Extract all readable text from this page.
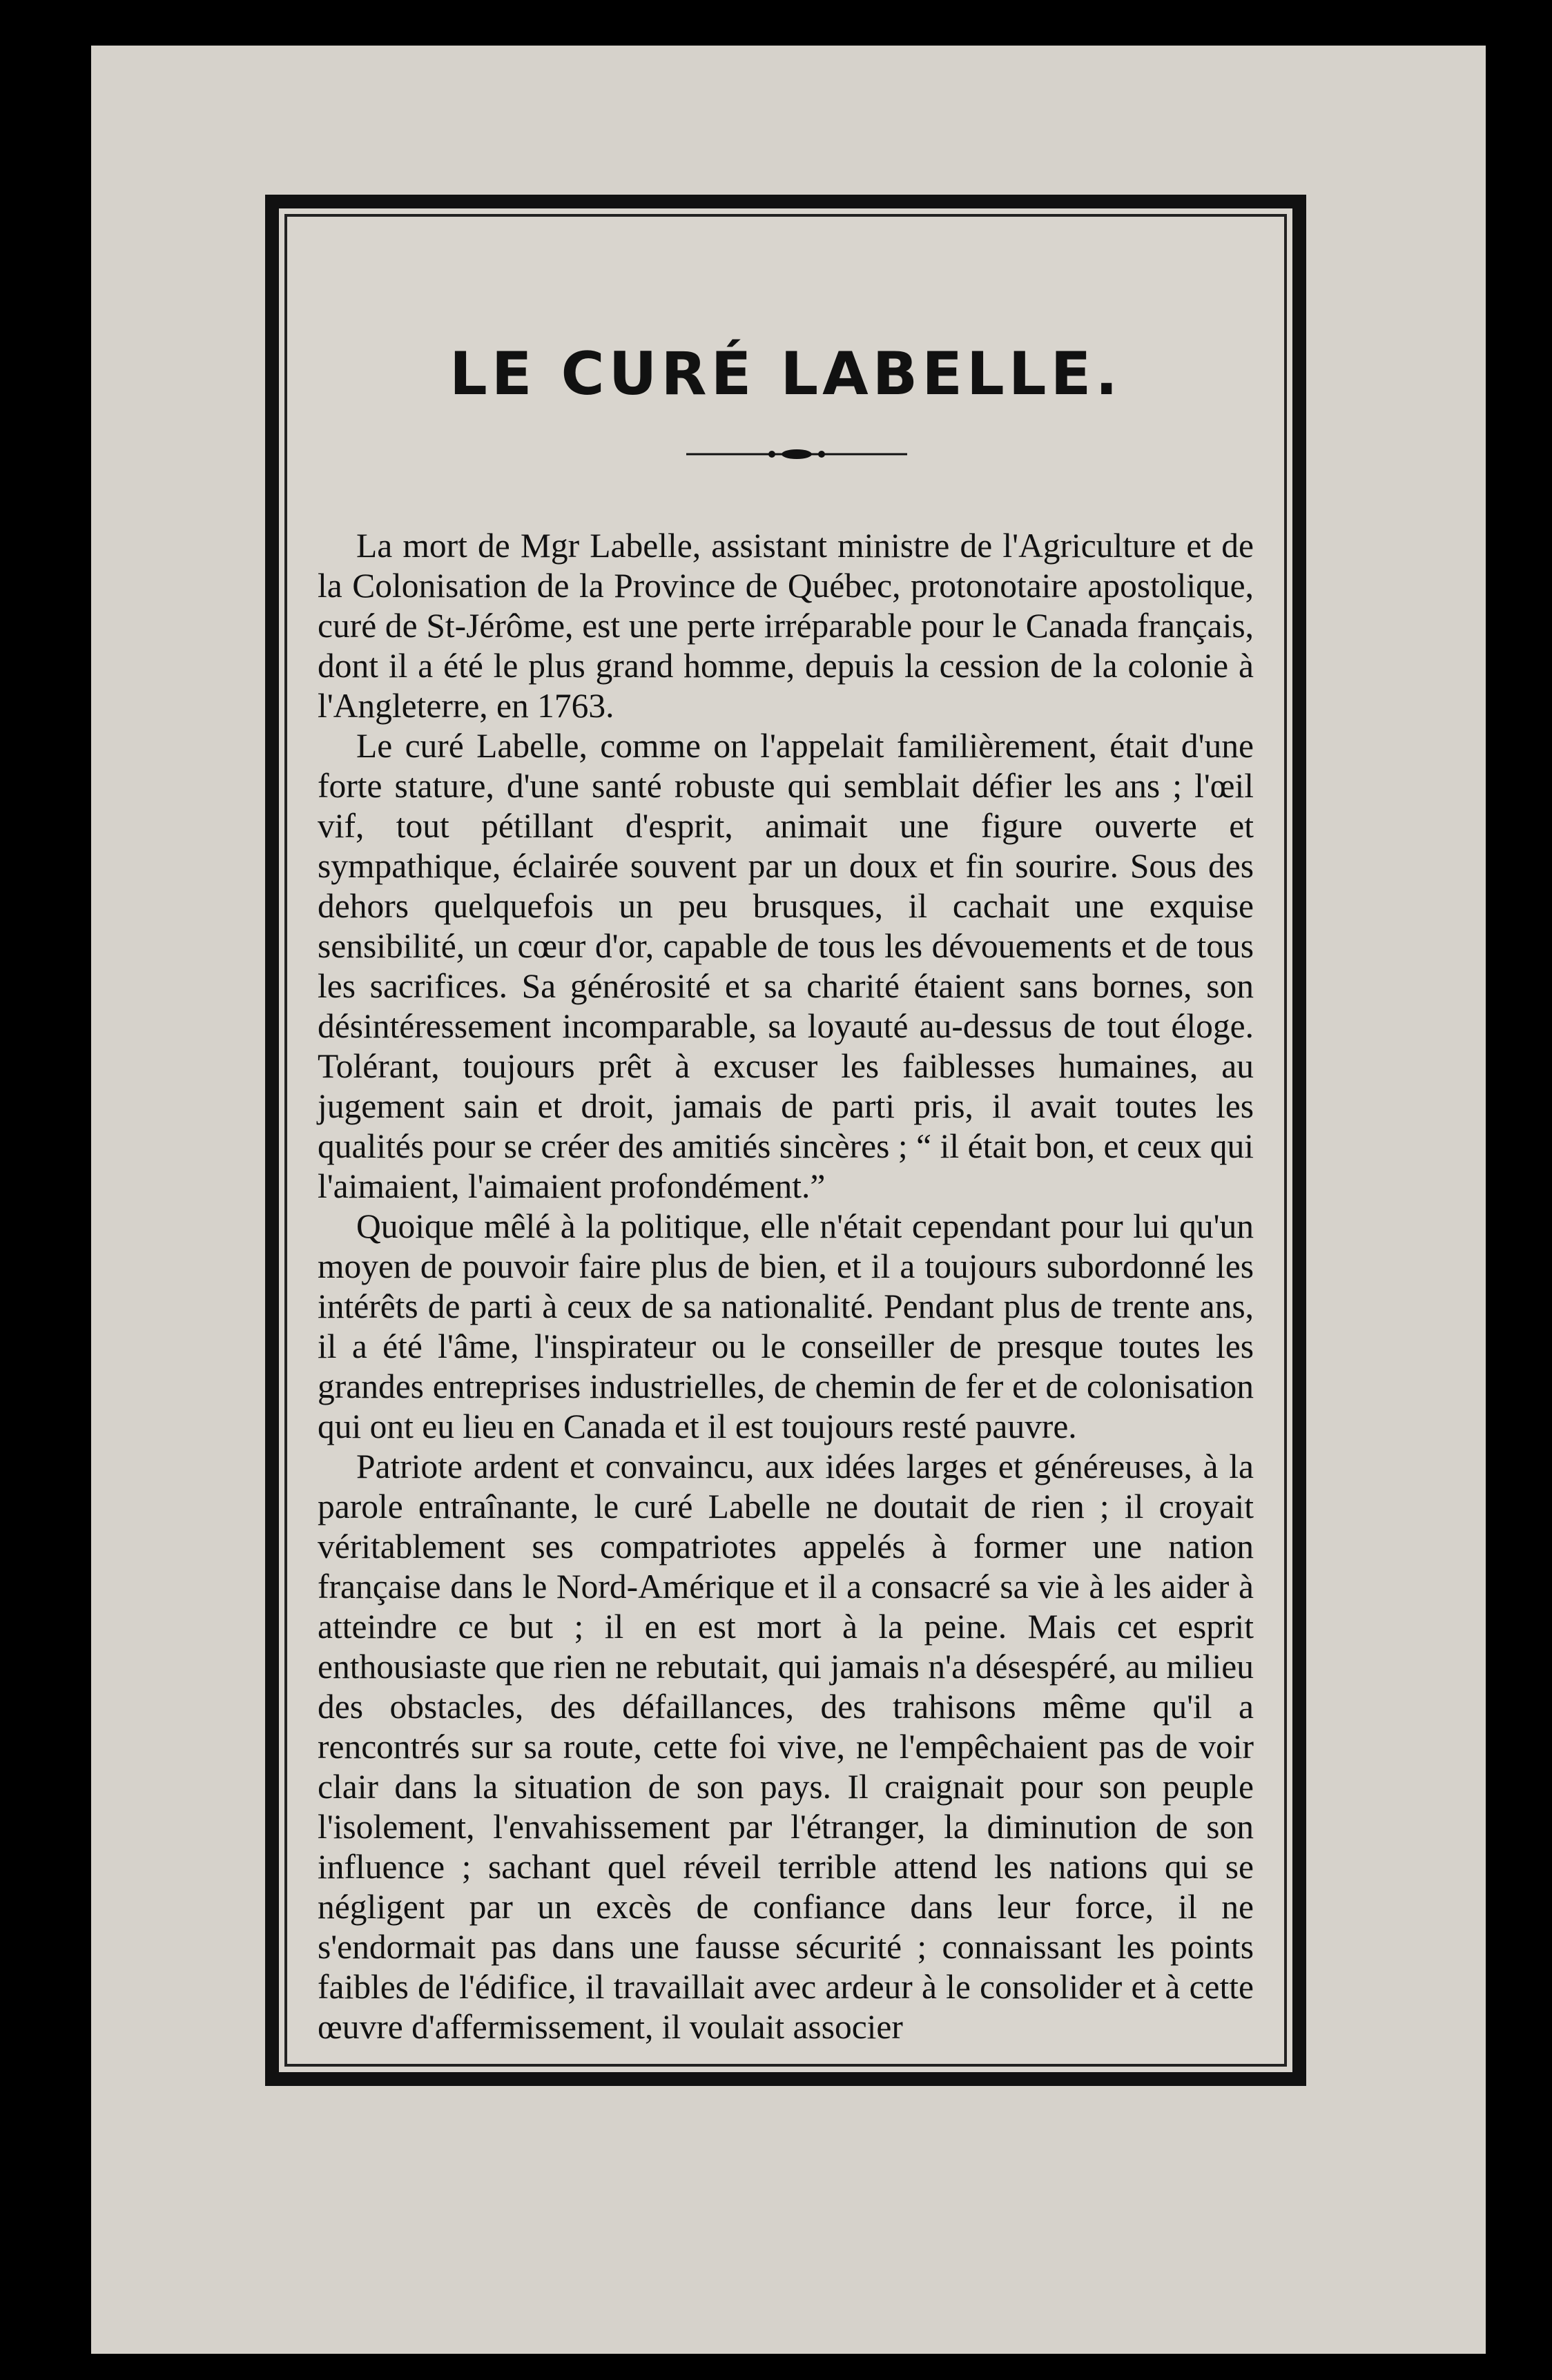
LE CURÉ LABELLE.

La mort de Mgr Labelle, assistant ministre de l'Agriculture et de la Colonisation de la Province de Québec, protonotaire apostolique, curé de St-Jérôme, est une perte irréparable pour le Canada français, dont il a été le plus grand homme, depuis la cession de la colonie à l'Angleterre, en 1763.

Le curé Labelle, comme on l'appelait familièrement, était d'une forte stature, d'une santé robuste qui semblait défier les ans ; l'œil vif, tout pétillant d'esprit, animait une figure ouverte et sympathique, éclairée souvent par un doux et fin sourire. Sous des dehors quelquefois un peu brusques, il cachait une exquise sensibilité, un cœur d'or, capable de tous les dévouements et de tous les sacrifices. Sa générosité et sa charité étaient sans bornes, son désintéressement incomparable, sa loyauté au-dessus de tout éloge. Tolérant, toujours prêt à excuser les faiblesses humaines, au jugement sain et droit, jamais de parti pris, il avait toutes les qualités pour se créer des amitiés sincères ; “ il était bon, et ceux qui l'aimaient, l'aimaient profondément.”

Quoique mêlé à la politique, elle n'était cependant pour lui qu'un moyen de pouvoir faire plus de bien, et il a toujours subordonné les intérêts de parti à ceux de sa nationalité. Pendant plus de trente ans, il a été l'âme, l'inspirateur ou le conseiller de presque toutes les grandes entreprises industrielles, de chemin de fer et de colonisation qui ont eu lieu en Canada et il est toujours resté pauvre.

Patriote ardent et convaincu, aux idées larges et généreuses, à la parole entraînante, le curé Labelle ne doutait de rien ; il croyait véritablement ses compatriotes appelés à former une nation française dans le Nord-Amérique et il a consacré sa vie à les aider à atteindre ce but ; il en est mort à la peine. Mais cet esprit enthousiaste que rien ne rebutait, qui jamais n'a désespéré, au milieu des obstacles, des défaillances, des trahisons même qu'il a rencontrés sur sa route, cette foi vive, ne l'empêchaient pas de voir clair dans la situation de son pays. Il craignait pour son peuple l'isolement, l'envahissement par l'étranger, la diminution de son influence ; sachant quel réveil terrible attend les nations qui se négligent par un excès de confiance dans leur force, il ne s'endormait pas dans une fausse sécurité ; connaissant les points faibles de l'édifice, il travaillait avec ardeur à le consolider et à cette œuvre d'affermissement, il voulait associer
